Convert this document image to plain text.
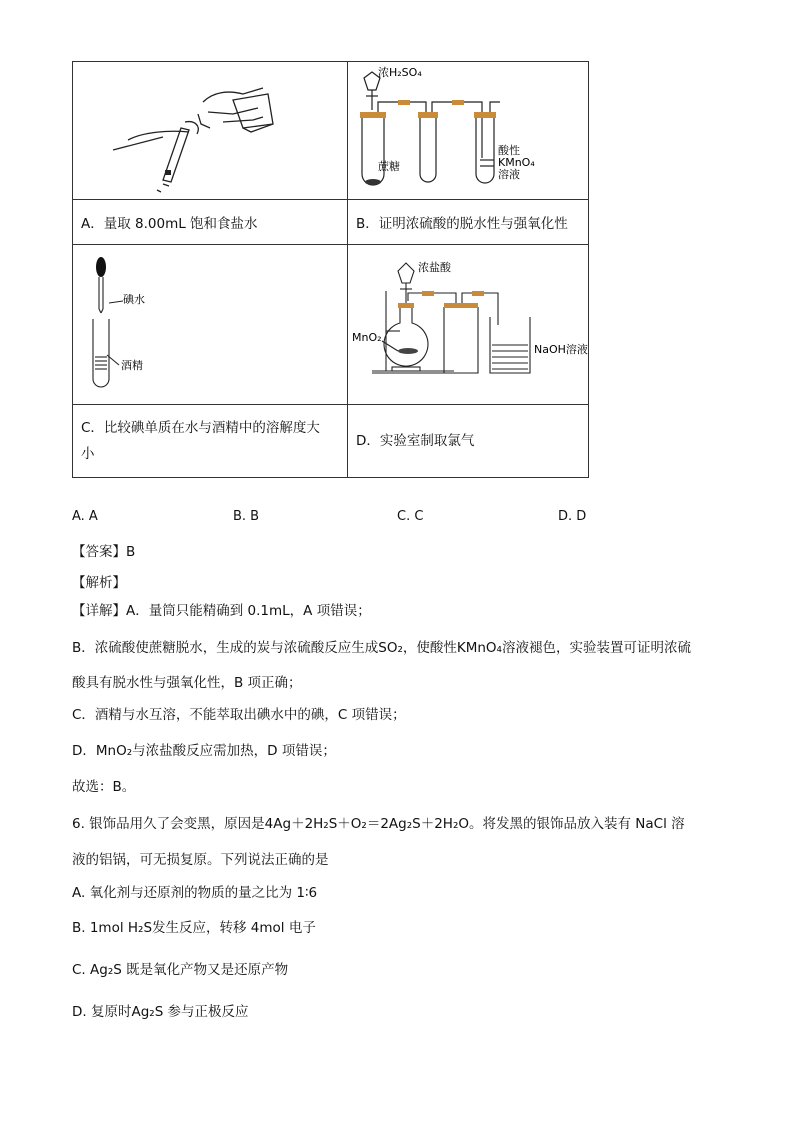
浓H₂SO₄
蔗糖
酸性
KMnO₄
溶液

A．量取 8.00mL 饱和食盐水	B．证明浓硫酸的脱水性与强氧化性

碘水
酒精	浓盐酸
MnO₂
NaOH溶液

C．比较碘单质在水与酒精中的溶解度大
小	D．实验室制取氯气
A. A	B. B	C. C	D. D
【答案】B
【解析】
【详解】A．量筒只能精确到 0.1mL，A 项错误；
B．浓硫酸使蔗糖脱水，生成的炭与浓硫酸反应生成SO₂，使酸性KMnO₄溶液褪色，实验装置可证明浓硫
酸具有脱水性与强氧化性，B 项正确；
C．酒精与水互溶，不能萃取出碘水中的碘，C 项错误；
D．MnO₂与浓盐酸反应需加热，D 项错误；
故选：B。
6. 银饰品用久了会变黑，原因是4Ag＋2H₂S＋O₂＝2Ag₂S＋2H₂O。将发黑的银饰品放入装有 NaCl 溶
液的铝锅，可无损复原。下列说法正确的是
A. 氧化剂与还原剂的物质的量之比为 1∶6
B. 1mol H₂S发生反应，转移 4mol 电子
C. Ag₂S 既是氧化产物又是还原产物
D. 复原时Ag₂S 参与正极反应
